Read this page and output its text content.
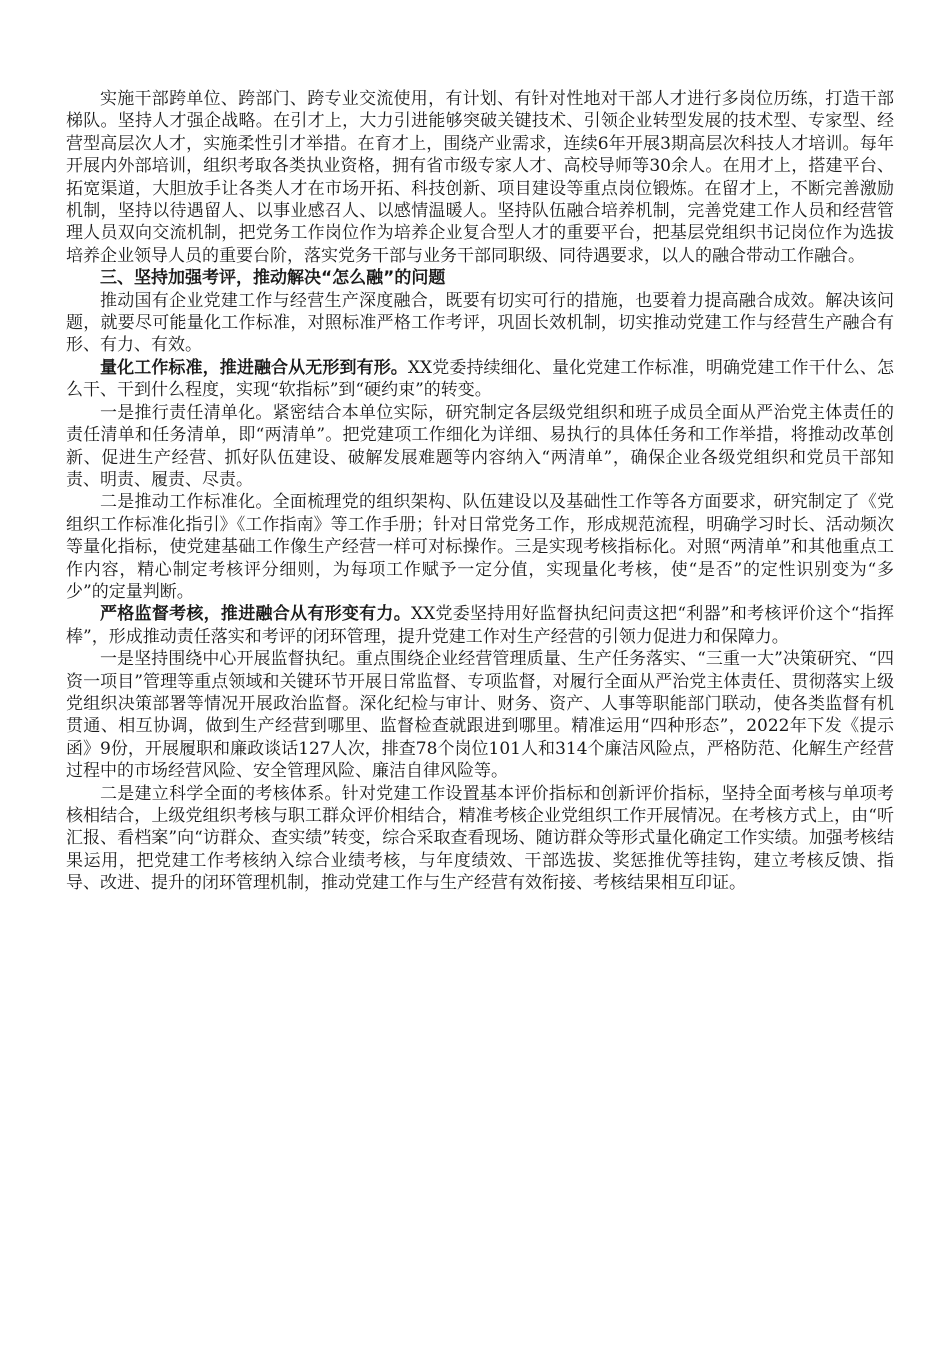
实施干部跨单位、跨部门、跨专业交流使用，有计划、有针对性地对干部人才进行多岗位历练，打造干部梯队。坚持人才强企战略。在引才上，大力引进能够突破关键技术、引领企业转型发展的技术型、专家型、经营型高层次人才，实施柔性引才举措。在育才上，围绕产业需求，连续6年开展3期高层次科技人才培训。每年开展内外部培训，组织考取各类执业资格，拥有省市级专家人才、高校导师等30余人。在用才上，搭建平台、拓宽渠道，大胆放手让各类人才在市场开拓、科技创新、项目建设等重点岗位锻炼。在留才上，不断完善激励机制，坚持以待遇留人、以事业感召人、以感情温暖人。坚持队伍融合培养机制，完善党建工作人员和经营管理人员双向交流机制，把党务工作岗位作为培养企业复合型人才的重要平台，把基层党组织书记岗位作为选拔培养企业领导人员的重要台阶，落实党务干部与业务干部同职级、同待遇要求，以人的融合带动工作融合。

三、坚持加强考评，推动解决“怎么融”的问题

推动国有企业党建工作与经营生产深度融合，既要有切实可行的措施，也要着力提高融合成效。解决该问题，就要尽可能量化工作标准，对照标准严格工作考评，巩固长效机制，切实推动党建工作与经营生产融合有形、有力、有效。

量化工作标准，推进融合从无形到有形。XX党委持续细化、量化党建工作标准，明确党建工作干什么、怎么干、干到什么程度，实现“软指标”到“硬约束”的转变。

一是推行责任清单化。紧密结合本单位实际，研究制定各层级党组织和班子成员全面从严治党主体责任的责任清单和任务清单，即“两清单”。把党建项工作细化为详细、易执行的具体任务和工作举措，将推动改革创新、促进生产经营、抓好队伍建设、破解发展难题等内容纳入“两清单”，确保企业各级党组织和党员干部知责、明责、履责、尽责。

二是推动工作标准化。全面梳理党的组织架构、队伍建设以及基础性工作等各方面要求，研究制定了《党组织工作标准化指引》《工作指南》等工作手册；针对日常党务工作，形成规范流程，明确学习时长、活动频次等量化指标，使党建基础工作像生产经营一样可对标操作。三是实现考核指标化。对照“两清单”和其他重点工作内容，精心制定考核评分细则，为每项工作赋予一定分值，实现量化考核，使“是否”的定性识别变为“多少”的定量判断。

严格监督考核，推进融合从有形变有力。XX党委坚持用好监督执纪问责这把“利器”和考核评价这个“指挥棒”，形成推动责任落实和考评的闭环管理，提升党建工作对生产经营的引领力促进力和保障力。

一是坚持围绕中心开展监督执纪。重点围绕企业经营管理质量、生产任务落实、“三重一大”决策研究、“四资一项目”管理等重点领域和关键环节开展日常监督、专项监督，对履行全面从严治党主体责任、贯彻落实上级党组织决策部署等情况开展政治监督。深化纪检与审计、财务、资产、人事等职能部门联动，使各类监督有机贯通、相互协调，做到生产经营到哪里、监督检查就跟进到哪里。精准运用“四种形态”，2022年下发《提示函》9份，开展履职和廉政谈话127人次，排查78个岗位101人和314个廉洁风险点，严格防范、化解生产经营过程中的市场经营风险、安全管理风险、廉洁自律风险等。

二是建立科学全面的考核体系。针对党建工作设置基本评价指标和创新评价指标，坚持全面考核与单项考核相结合，上级党组织考核与职工群众评价相结合，精准考核企业党组织工作开展情况。在考核方式上，由“听汇报、看档案”向“访群众、查实绩”转变，综合采取查看现场、随访群众等形式量化确定工作实绩。加强考核结果运用，把党建工作考核纳入综合业绩考核，与年度绩效、干部选拔、奖惩推优等挂钩，建立考核反馈、指导、改进、提升的闭环管理机制，推动党建工作与生产经营有效衔接、考核结果相互印证。
